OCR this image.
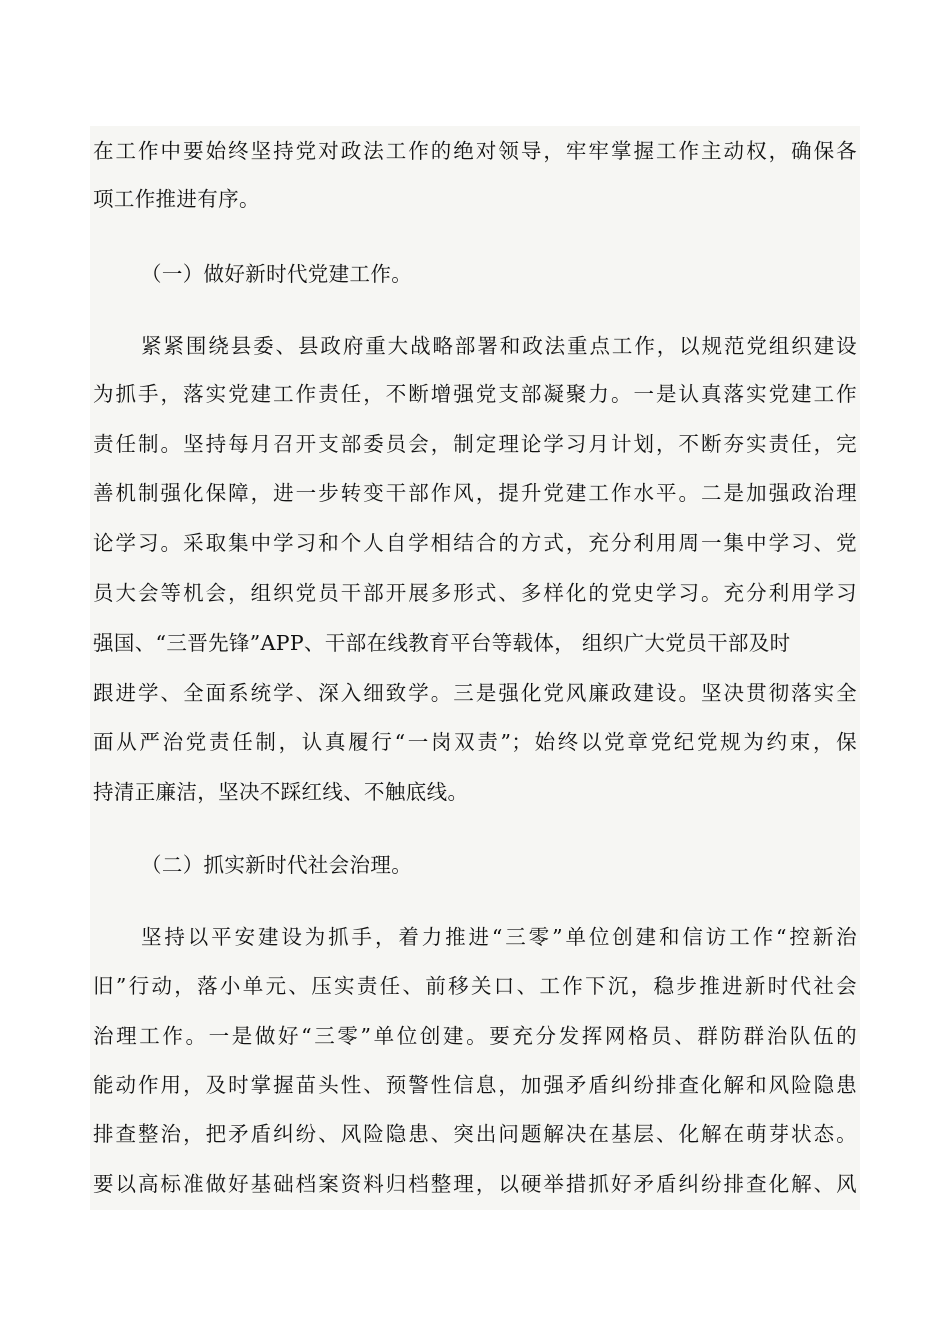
在工作中要始终坚持党对政法工作的绝对领导，牢牢掌握工作主动权，确保各
项工作推进有序。
（一）做好新时代党建工作。
紧紧围绕县委、县政府重大战略部署和政法重点工作，以规范党组织建设
为抓手，落实党建工作责任，不断增强党支部凝聚力。一是认真落实党建工作
责任制。坚持每月召开支部委员会，制定理论学习月计划，不断夯实责任，完
善机制强化保障，进一步转变干部作风，提升党建工作水平。二是加强政治理
论学习。采取集中学习和个人自学相结合的方式，充分利用周一集中学习、党
员大会等机会，组织党员干部开展多形式、多样化的党史学习。充分利用学习
强国、“三晋先锋”APP、干部在线教育平台等载体， 组织广大党员干部及时
跟进学、全面系统学、深入细致学。三是强化党风廉政建设。坚决贯彻落实全
面从严治党责任制，认真履行“一岗双责”；始终以党章党纪党规为约束，保
持清正廉洁，坚决不踩红线、不触底线。
（二）抓实新时代社会治理。
坚持以平安建设为抓手，着力推进“三零”单位创建和信访工作“控新治
旧”行动，落小单元、压实责任、前移关口、工作下沉，稳步推进新时代社会
治理工作。一是做好“三零”单位创建。要充分发挥网格员、群防群治队伍的
能动作用，及时掌握苗头性、预警性信息，加强矛盾纠纷排查化解和风险隐患
排查整治，把矛盾纠纷、风险隐患、突出问题解决在基层、化解在萌芽状态。
要以高标准做好基础档案资料归档整理，以硬举措抓好矛盾纠纷排查化解、风
